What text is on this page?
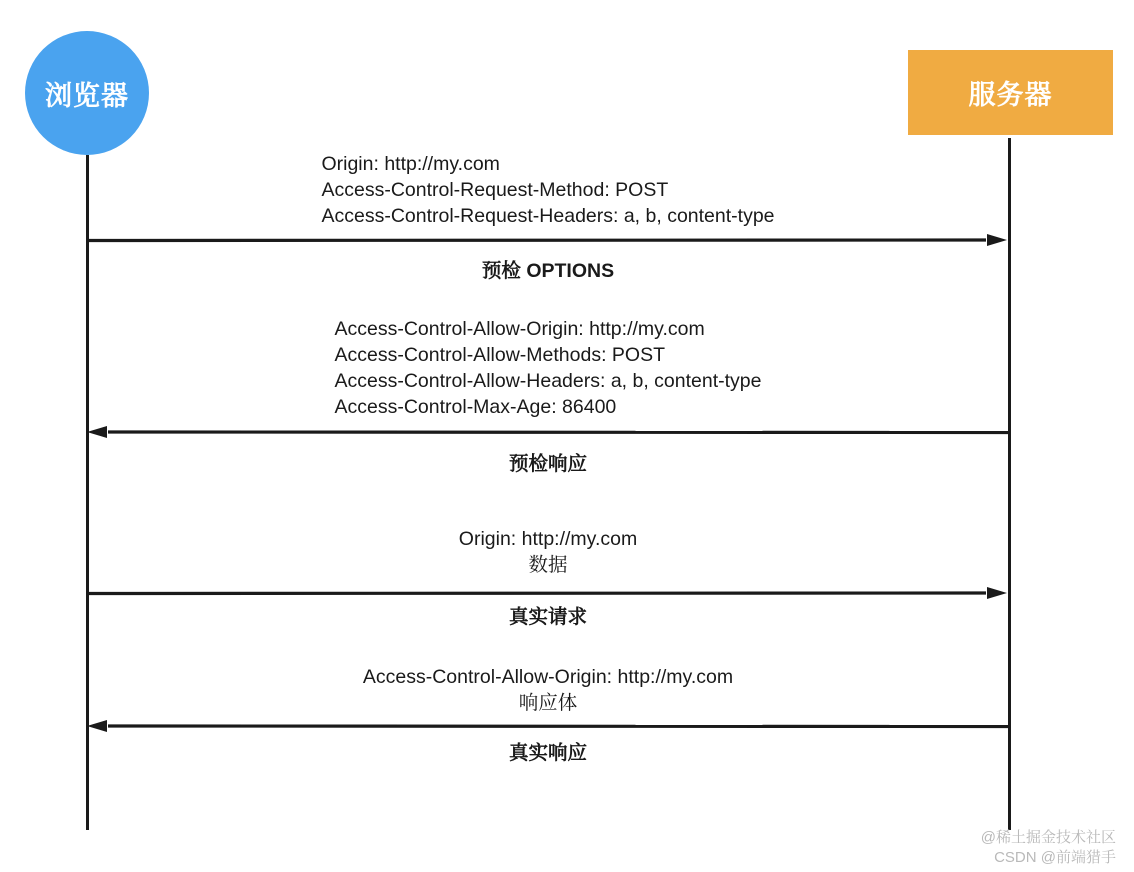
浏览器	服务器
Origin: http://my.com
Access-Control-Request-Method: POST
Access-Control-Request-Headers: a, b, content-type
预检 OPTIONS
Access-Control-Allow-Origin: http://my.com
Access-Control-Allow-Methods: POST
Access-Control-Allow-Headers: a, b, content-type
Access-Control-Max-Age: 86400
预检响应
Origin: http://my.com
数据
真实请求
Access-Control-Allow-Origin: http://my.com
响应体
真实响应
@稀土掘金技术社区
CSDN @前端猎手
